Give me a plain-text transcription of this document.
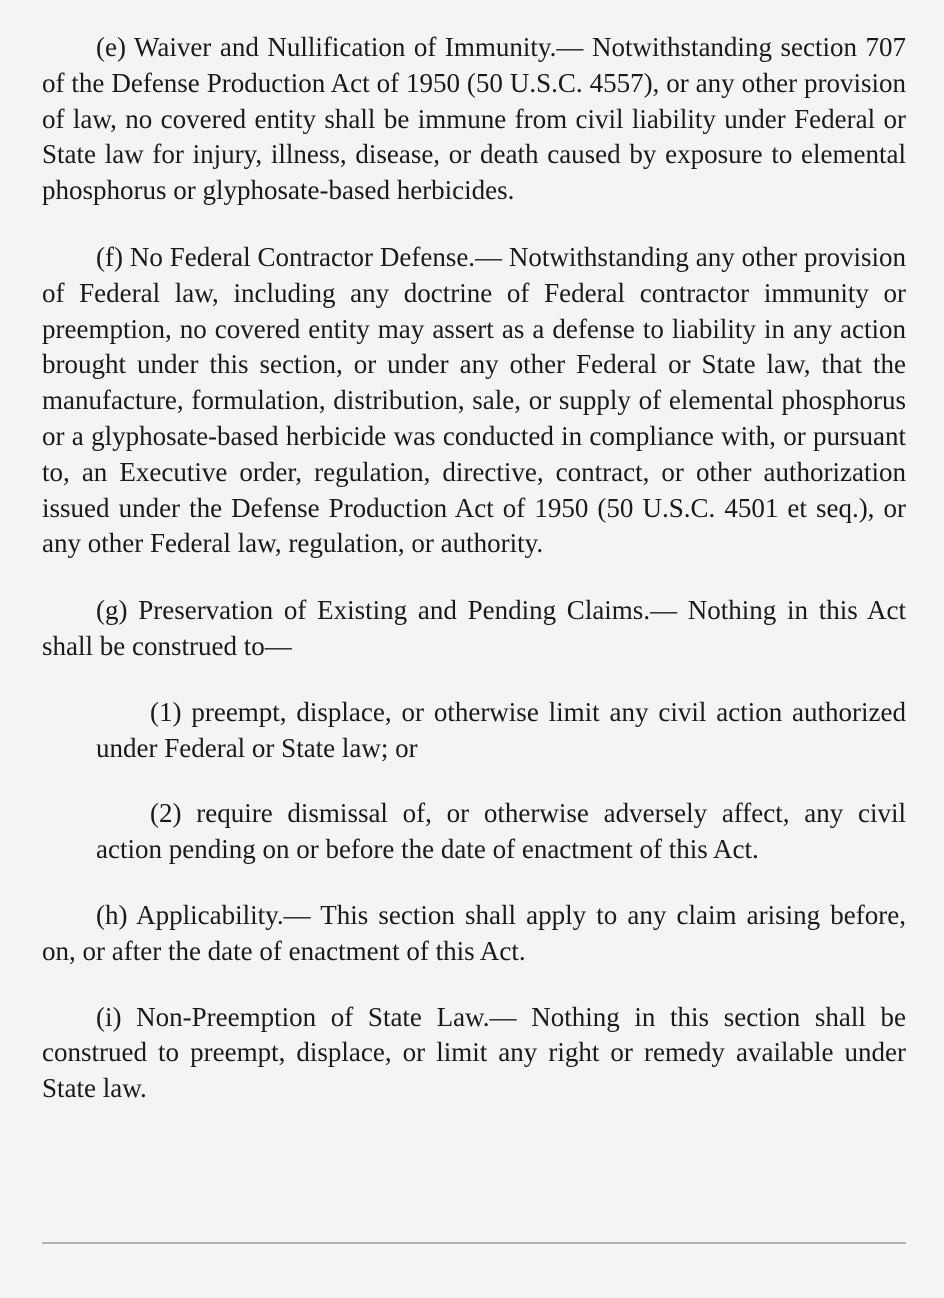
(e) Waiver and Nullification of Immunity.— Notwithstanding section 707 of the Defense Production Act of 1950 (50 U.S.C. 4557), or any other provision of law, no covered entity shall be immune from civil liability under Federal or State law for injury, illness, disease, or death caused by exposure to elemental phosphorus or glyphosate-based herbicides.

(f) No Federal Contractor Defense.— Notwithstanding any other provision of Federal law, including any doctrine of Federal contractor immunity or preemption, no covered entity may assert as a defense to liability in any action brought under this section, or under any other Federal or State law, that the manufacture, formulation, distribution, sale, or supply of elemental phosphorus or a glyphosate-based herbicide was conducted in compliance with, or pursuant to, an Executive order, regulation, directive, contract, or other authorization issued under the Defense Production Act of 1950 (50 U.S.C. 4501 et seq.), or any other Federal law, regulation, or authority.

(g) Preservation of Existing and Pending Claims.— Nothing in this Act shall be construed to—

(1) preempt, displace, or otherwise limit any civil action authorized under Federal or State law; or

(2) require dismissal of, or otherwise adversely affect, any civil action pending on or before the date of enactment of this Act.

(h) Applicability.— This section shall apply to any claim arising before, on, or after the date of enactment of this Act.

(i) Non-Preemption of State Law.— Nothing in this section shall be construed to preempt, displace, or limit any right or remedy available under State law.
